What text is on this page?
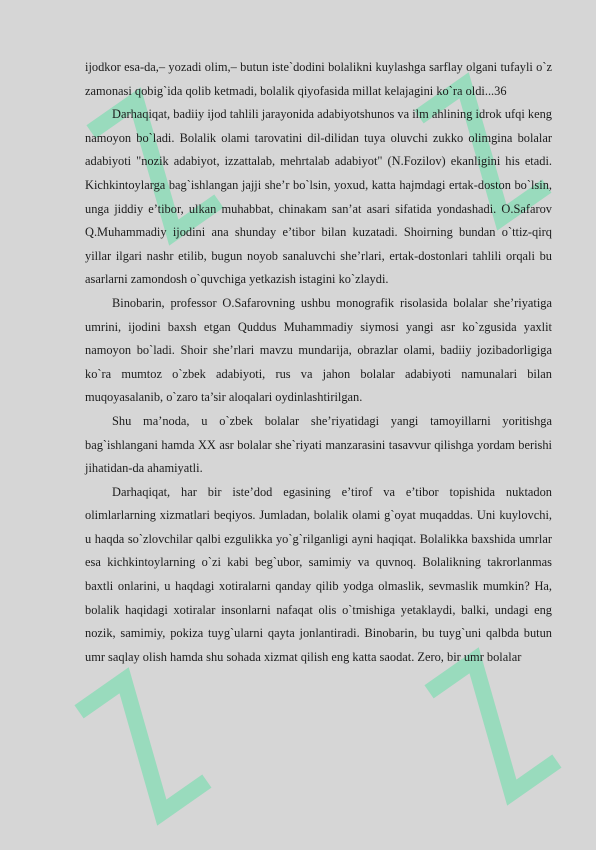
ijodkor esa-da,– yozadi olim,– butun iste`dodini bolalikni kuylashga sarflay olgani tufayli o`z zamonasi qobig`ida qolib ketmadi, bolalik qiyofasida millat kelajagini ko`ra oldi...36

Darhaqiqat, badiiy ijod tahlili jarayonida adabiyotshunos va ilm ahlining idrok ufqi keng namoyon bo`ladi. Bolalik olami tarovatini dil-dilidan tuya oluvchi zukko olimgina bolalar adabiyoti "nozik adabiyot, izzattalab, mehrtalab adabiyot" (N.Fozilov) ekanligini his etadi. Kichkintoylarga bag`ishlangan jajji she’r bo`lsin, yoxud, katta hajmdagi ertak-doston bo`lsin, unga jiddiy e’tibor, ulkan muhabbat, chinakam san’at asari sifatida yondashadi. O.Safarov Q.Muhammadiy ijodini ana shunday e’tibor bilan kuzatadi. Shoirning bundan o`ttiz-qirq yillar ilgari nashr etilib, bugun noyob sanaluvchi she’rlari, ertak-dostonlari tahlili orqali bu asarlarni zamondosh o`quvchiga yetkazish istagini ko`zlaydi.

Binobarin, professor O.Safarovning ushbu monografik risolasida bolalar she’riyatiga umrini, ijodini baxsh etgan Quddus Muhammadiy siymosi yangi asr ko`zgusida yaxlit namoyon bo`ladi. Shoir she’rlari mavzu mundarija, obrazlar olami, badiiy jozibadorligiga ko`ra mumtoz o`zbek adabiyoti, rus va jahon bolalar adabiyoti namunalari bilan muqoyasalanib, o`zaro ta’sir aloqalari oydinlashtirilgan.

Shu ma’noda, u o`zbek bolalar she’riyatidagi yangi tamoyillarni yoritishga bag`ishlangani hamda XX asr bolalar she`riyati manzarasini tasavvur qilishga yordam berishi jihatidan-da ahamiyatli.

Darhaqiqat, har bir iste’dod egasining e’tirof va e’tibor topishida nuktadon olimlarlarning xizmatlari beqiyos. Jumladan, bolalik olami g`oyat muqaddas. Uni kuylovchi, u haqda so`zlovchilar qalbi ezgulikka yo`g`rilganligi ayni haqiqat. Bolalikka baxshida umrlar esa kichkintoylarning o`zi kabi beg`ubor, samimiy va quvnoq. Bolalikning takrorlanmas baxtli onlarini, u haqdagi xotiralarni qanday qilib yodga olmaslik, sevmaslik mumkin? Ha, bolalik haqidagi xotiralar insonlarni nafaqat olis o`tmishiga yetaklaydi, balki, undagi eng nozik, samimiy, pokiza tuyg`ularni qayta jonlantiradi. Binobarin, bu tuyg`uni qalbda butun umr saqlay olish hamda shu sohada xizmat qilish eng katta saodat. Zero, bir umr bolalar
